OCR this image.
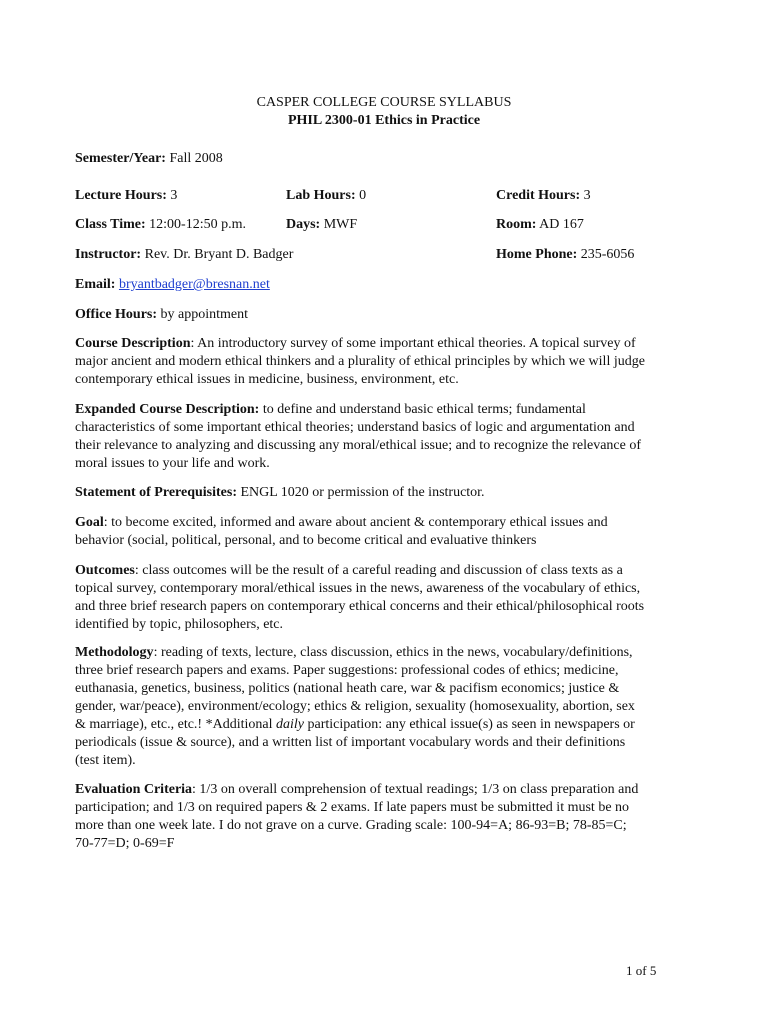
CASPER COLLEGE COURSE SYLLABUS
PHIL 2300-01 Ethics in Practice
Semester/Year: Fall 2008
Lecture Hours: 3	Lab Hours: 0	Credit Hours: 3
Class Time: 12:00-12:50 p.m.	Days: MWF	Room: AD 167
Instructor: Rev. Dr. Bryant D. Badger	Home Phone: 235-6056
Email: bryantbadger@bresnan.net
Office Hours: by appointment
Course Description: An introductory survey of some important ethical theories. A topical survey of
major ancient and modern ethical thinkers and a plurality of ethical principles by which we will judge
contemporary ethical issues in medicine, business, environment, etc.
Expanded Course Description: to define and understand basic ethical terms; fundamental
characteristics of some important ethical theories; understand basics of logic and argumentation and
their relevance to analyzing and discussing any moral/ethical issue; and to recognize the relevance of
moral issues to your life and work.
Statement of Prerequisites: ENGL 1020 or permission of the instructor.
Goal: to become excited, informed and aware about ancient & contemporary ethical issues and
behavior (social, political, personal, and to become critical and evaluative thinkers
Outcomes: class outcomes will be the result of a careful reading and discussion of class texts as a
topical survey, contemporary moral/ethical issues in the news, awareness of the vocabulary of ethics,
and three brief research papers on contemporary ethical concerns and their ethical/philosophical roots
identified by topic, philosophers, etc.
Methodology: reading of texts, lecture, class discussion, ethics in the news, vocabulary/definitions,
three brief research papers and exams. Paper suggestions: professional codes of ethics; medicine,
euthanasia, genetics, business, politics (national heath care, war & pacifism economics; justice &
gender, war/peace), environment/ecology; ethics & religion, sexuality (homosexuality, abortion, sex
& marriage), etc., etc.! *Additional daily participation: any ethical issue(s) as seen in newspapers or
periodicals (issue & source), and a written list of important vocabulary words and their definitions
(test item).
Evaluation Criteria: 1/3 on overall comprehension of textual readings; 1/3 on class preparation and
participation; and 1/3 on required papers & 2 exams. If late papers must be submitted it must be no
more than one week late. I do not grave on a curve. Grading scale: 100-94=A; 86-93=B; 78-85=C;
70-77=D; 0-69=F
1 of 5
